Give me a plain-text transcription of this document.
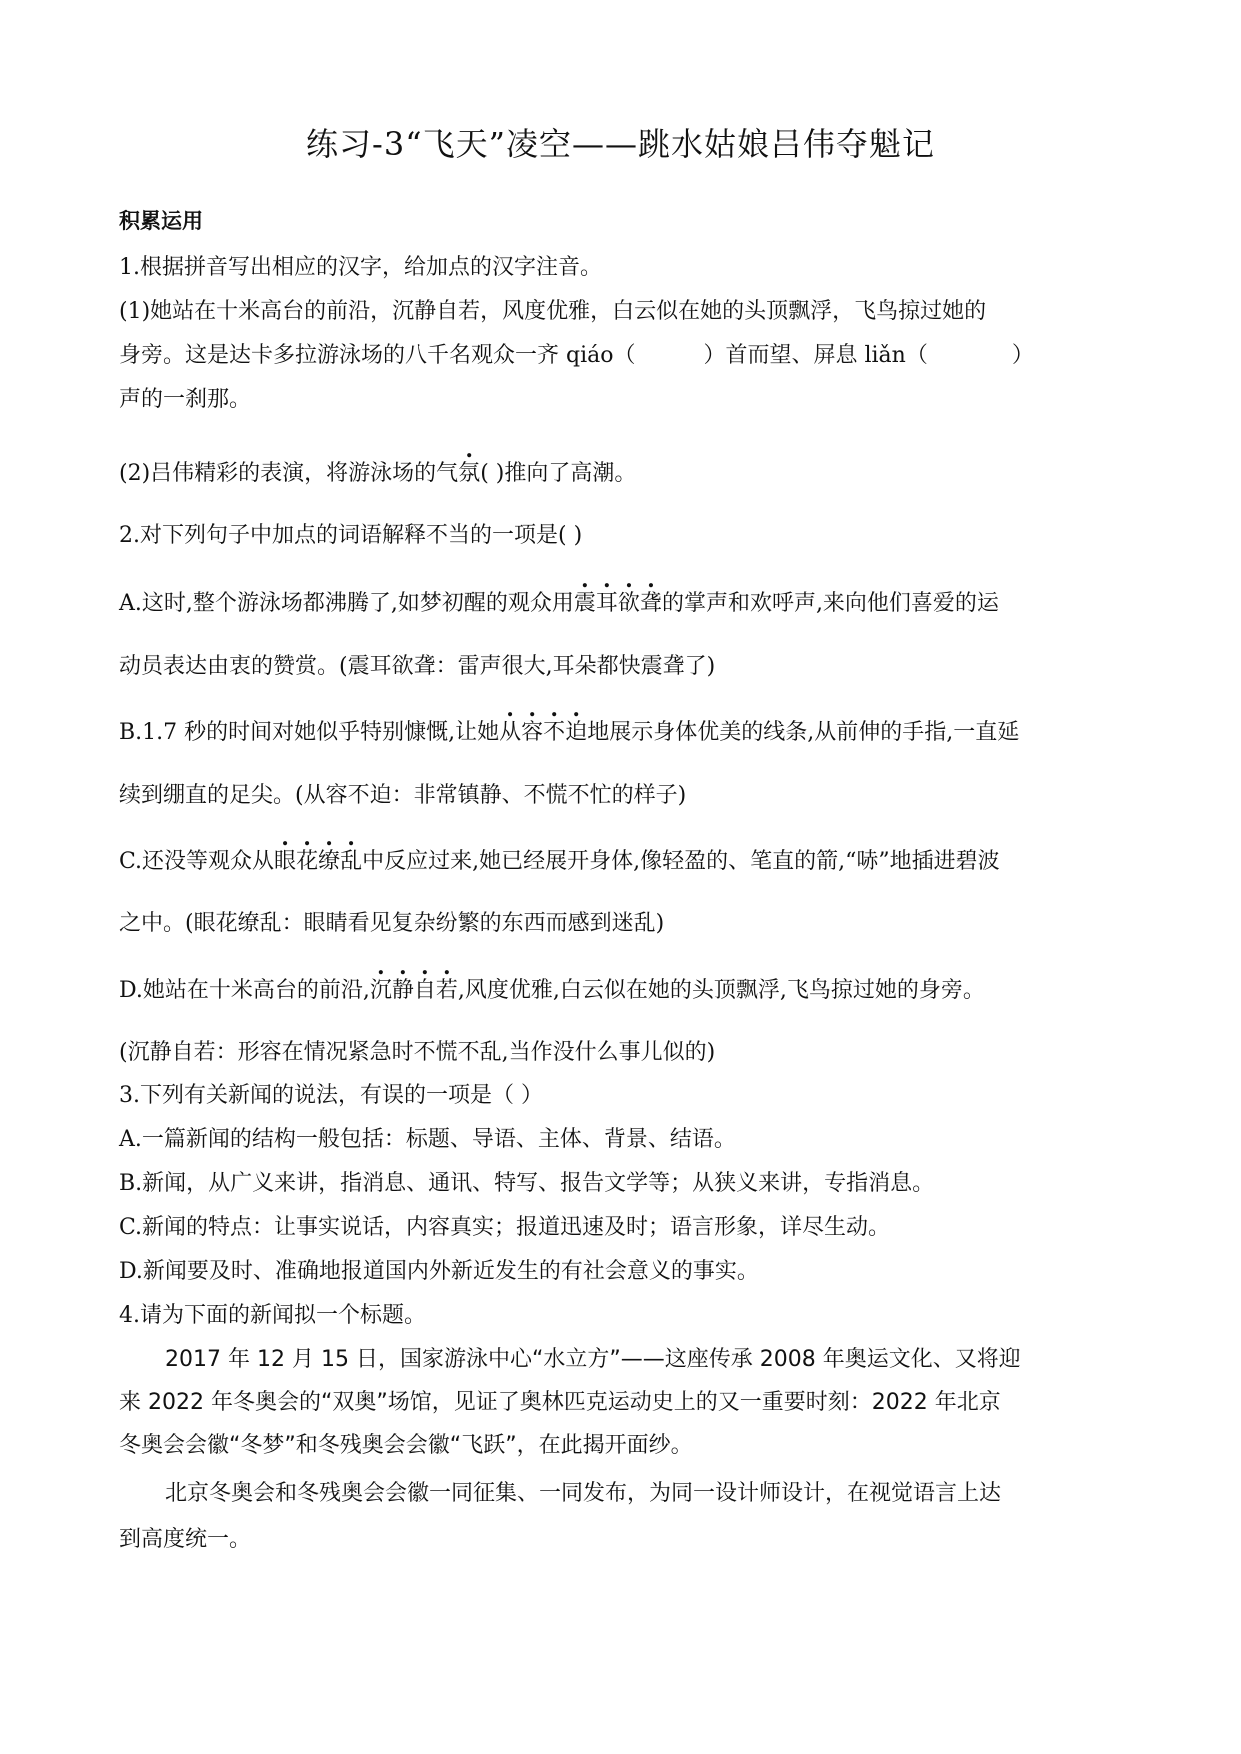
练习-3“飞天”凌空——跳水姑娘吕伟夺魁记
积累运用
1.根据拼音写出相应的汉字，给加点的汉字注音。
(1)她站在十米高台的前沿，沉静自若，风度优雅，白云似在她的头顶飘浮，飞鸟掠过她的
身旁。这是达卡多拉游泳场的八千名观众一齐 qiáo（	）首而望、屏息 liǎn（	）
声的一刹那。
(2)吕伟精彩的表演，将游泳场的气氛( )推向了高潮。
2.对下列句子中加点的词语解释不当的一项是( )
A.这时,整个游泳场都沸腾了,如梦初醒的观众用震耳欲聋的掌声和欢呼声,来向他们喜爱的运
动员表达由衷的赞赏。(震耳欲聋：雷声很大,耳朵都快震聋了)
B.1.7 秒的时间对她似乎特别慷慨,让她从容不迫地展示身体优美的线条,从前伸的手指,一直延
续到绷直的足尖。(从容不迫：非常镇静、不慌不忙的样子)
C.还没等观众从眼花缭乱中反应过来,她已经展开身体,像轻盈的、笔直的箭,“哧”地插进碧波
之中。(眼花缭乱：眼睛看见复杂纷繁的东西而感到迷乱)
D.她站在十米高台的前沿,沉静自若,风度优雅,白云似在她的头顶飘浮,飞鸟掠过她的身旁。
(沉静自若：形容在情况紧急时不慌不乱,当作没什么事儿似的)
3.下列有关新闻的说法，有误的一项是（ ）
A.一篇新闻的结构一般包括：标题、导语、主体、背景、结语。
B.新闻，从广义来讲，指消息、通讯、特写、报告文学等；从狭义来讲，专指消息。
C.新闻的特点：让事实说话，内容真实；报道迅速及时；语言形象，详尽生动。
D.新闻要及时、准确地报道国内外新近发生的有社会意义的事实。
4.请为下面的新闻拟一个标题。
2017 年 12 月 15 日，国家游泳中心“水立方”——这座传承 2008 年奥运文化、又将迎
来 2022 年冬奥会的“双奥”场馆，见证了奥林匹克运动史上的又一重要时刻：2022 年北京
冬奥会会徽“冬梦”和冬残奥会会徽“飞跃”，在此揭开面纱。
北京冬奥会和冬残奥会会徽一同征集、一同发布，为同一设计师设计，在视觉语言上达
到高度统一。
